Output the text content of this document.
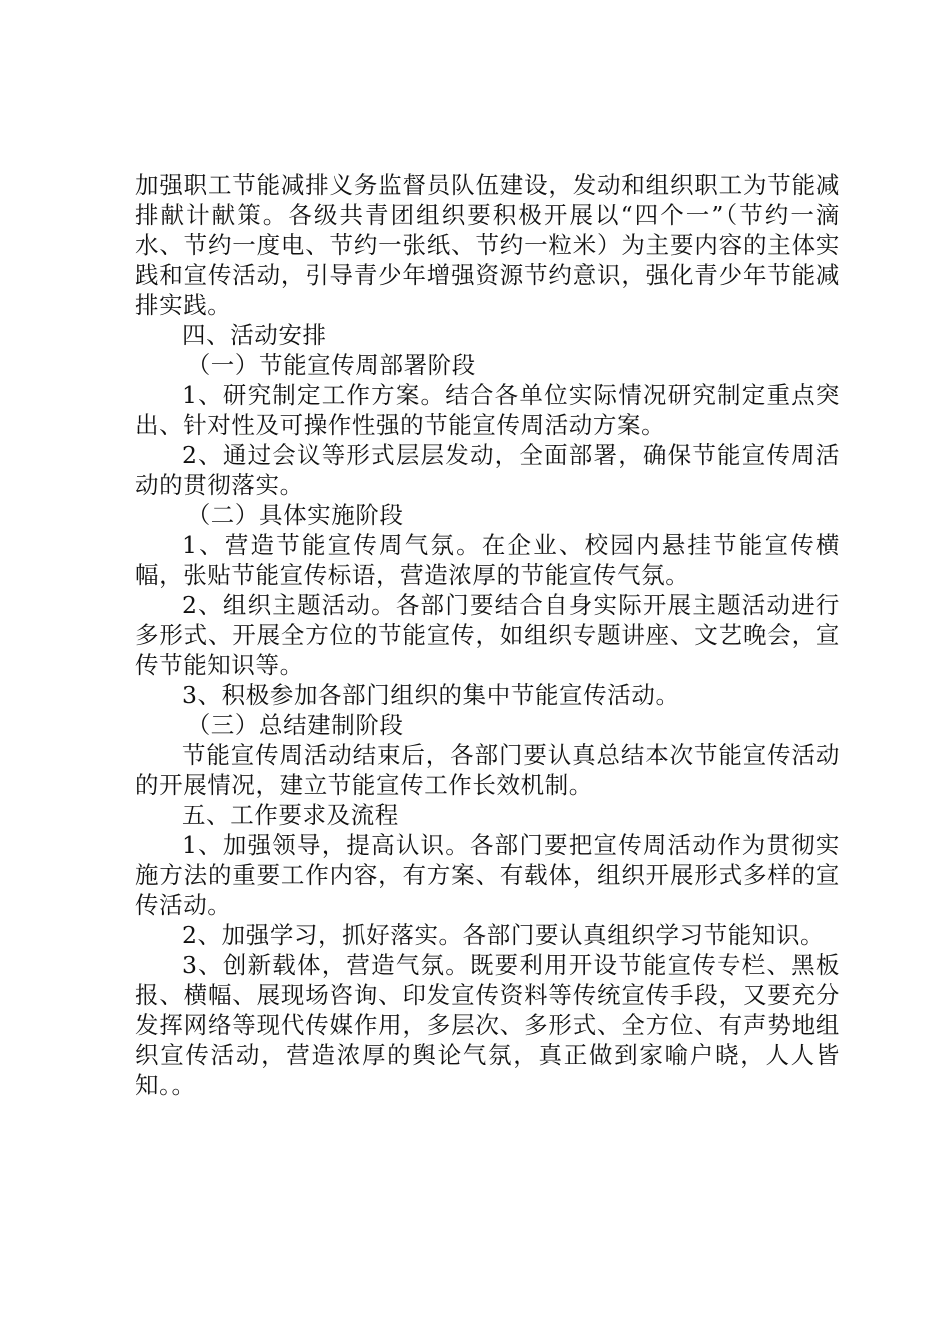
加强职工节能减排义务监督员队伍建设，发动和组织职工为节能减排献计献策。各级共青团组织要积极开展以“四个一”（节约一滴水、节约一度电、节约一张纸、节约一粒米）为主要内容的主体实践和宣传活动，引导青少年增强资源节约意识，强化青少年节能减排实践。

四、活动安排

（一）节能宣传周部署阶段

1、研究制定工作方案。结合各单位实际情况研究制定重点突出、针对性及可操作性强的节能宣传周活动方案。

2、通过会议等形式层层发动，全面部署，确保节能宣传周活动的贯彻落实。

（二）具体实施阶段

1、营造节能宣传周气氛。在企业、校园内悬挂节能宣传横幅，张贴节能宣传标语，营造浓厚的节能宣传气氛。

2、组织主题活动。各部门要结合自身实际开展主题活动进行多形式、开展全方位的节能宣传，如组织专题讲座、文艺晚会，宣传节能知识等。

3、积极参加各部门组织的集中节能宣传活动。

（三）总结建制阶段

节能宣传周活动结束后，各部门要认真总结本次节能宣传活动的开展情况，建立节能宣传工作长效机制。

五、工作要求及流程

1、加强领导，提高认识。各部门要把宣传周活动作为贯彻实施方法的重要工作内容，有方案、有载体，组织开展形式多样的宣传活动。

2、加强学习，抓好落实。各部门要认真组织学习节能知识。

3、创新载体，营造气氛。既要利用开设节能宣传专栏、黑板报、横幅、展现场咨询、印发宣传资料等传统宣传手段，又要充分发挥网络等现代传媒作用，多层次、多形式、全方位、有声势地组织宣传活动，营造浓厚的舆论气氛，真正做到家喻户晓，人人皆知。。
